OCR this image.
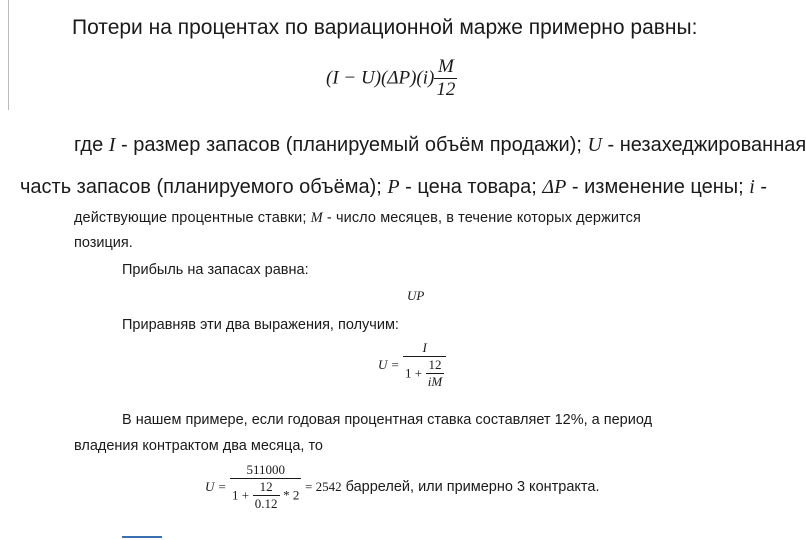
Потери на процентах по вариационной марже примерно равны:
$(I - U)(\Delta P)(i) \frac{M}{12}$
где I - размер запасов (планируемый объём продажи); U - незахеджированная
часть запасов (планируемого объёма); P - цена товара; ΔP - изменение цены; i -
действующие процентные ставки; M - число месяцев, в течение которых держится
позиция.
Прибыль на запасах равна:
UP
Приравняв эти два выражения, получим:
$U = \frac{I}{1 + \frac{12}{iM}}$
В нашем примере, если годовая процентная ставка составляет 12%, а период
владения контрактом два месяца, то
$U = \frac{511000}{1 + \frac{12}{0.12} * 2} = 2542$ баррелей, или примерно 3 контракта.
